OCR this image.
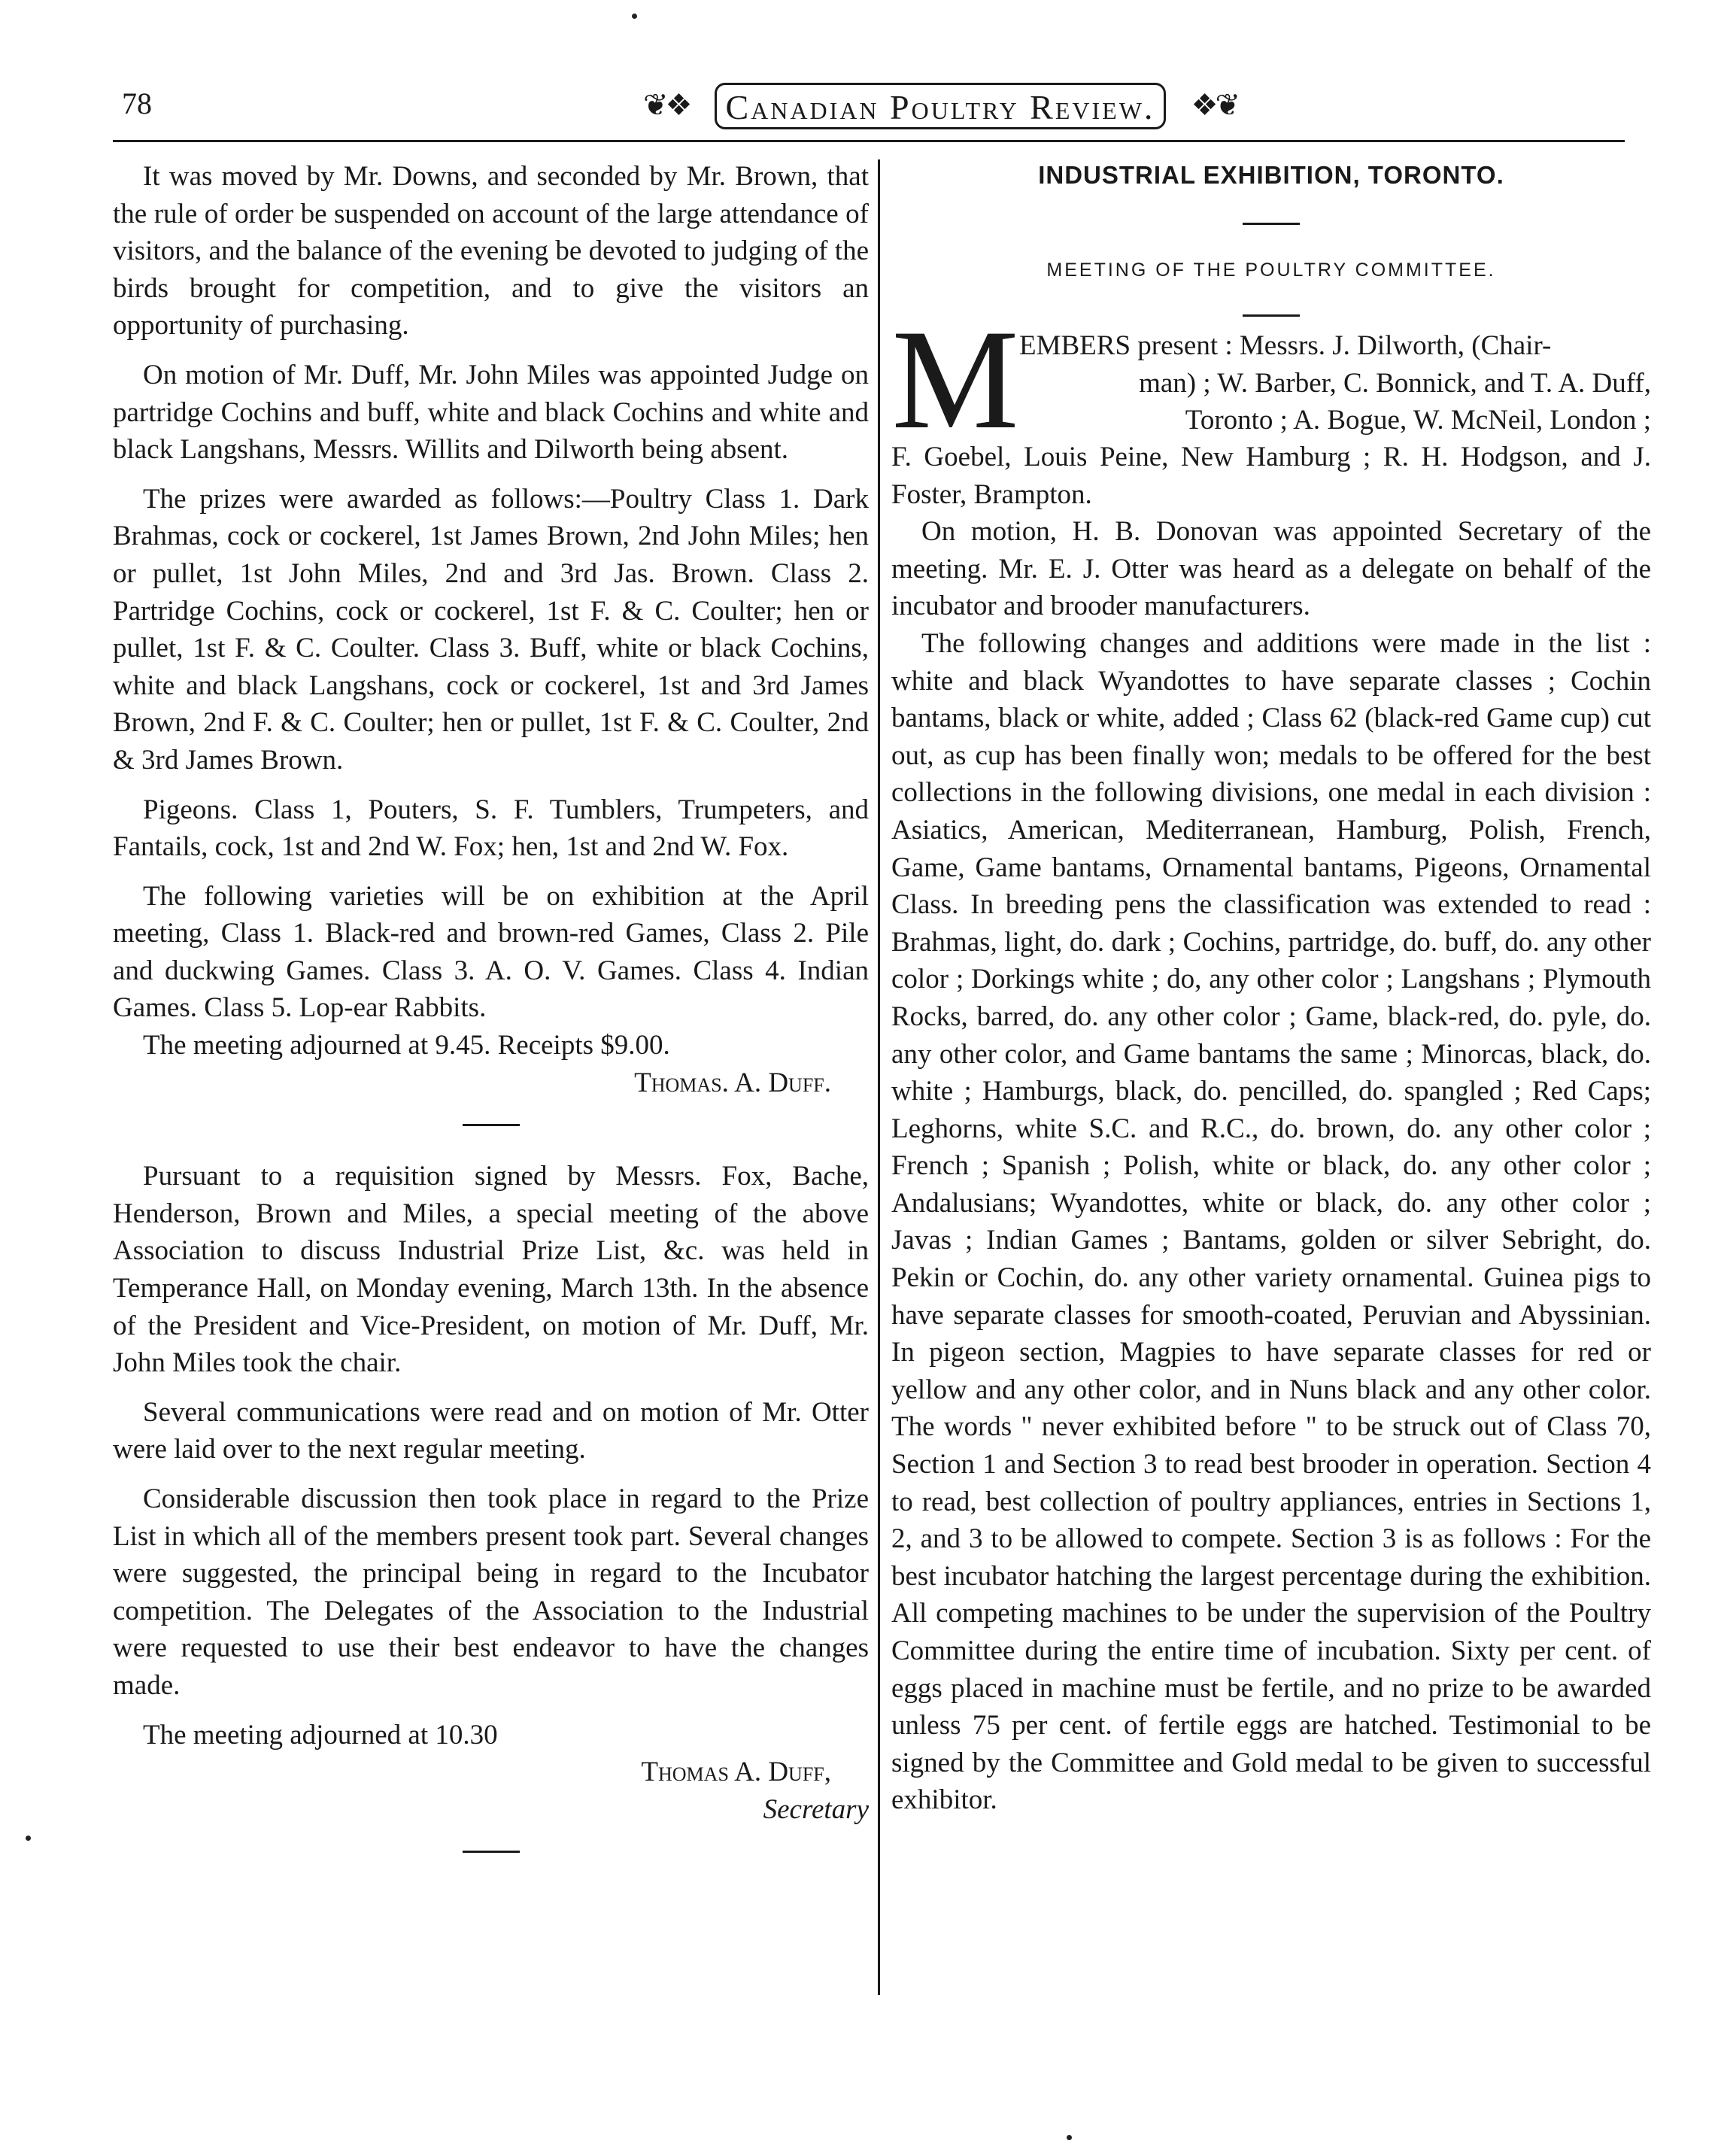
78	❦❖	Canadian Poultry Review.	❖❦

It was moved by Mr. Downs, and seconded by Mr. Brown, that the rule of order be suspended on account of the large attendance of visitors, and the balance of the evening be devoted to judging of the birds brought for competition, and to give the visitors an opportunity of purchasing.

On motion of Mr. Duff, Mr. John Miles was appointed Judge on partridge Cochins and buff, white and black Cochins and white and black Langshans, Messrs. Willits and Dilworth being absent.

The prizes were awarded as follows:—Poultry Class 1. Dark Brahmas, cock or cockerel, 1st James Brown, 2nd John Miles; hen or pullet, 1st John Miles, 2nd and 3rd Jas. Brown. Class 2. Partridge Cochins, cock or cockerel, 1st F. & C. Coulter; hen or pullet, 1st F. & C. Coulter. Class 3. Buff, white or black Cochins, white and black Langshans, cock or cockerel, 1st and 3rd James Brown, 2nd F. & C. Coulter; hen or pullet, 1st F. & C. Coulter, 2nd & 3rd James Brown.

Pigeons. Class 1, Pouters, S. F. Tumblers, Trumpeters, and Fantails, cock, 1st and 2nd W. Fox; hen, 1st and 2nd W. Fox.

The following varieties will be on exhibition at the April meeting, Class 1. Black-red and brown-red Games, Class 2. Pile and duckwing Games. Class 3. A. O. V. Games. Class 4. Indian Games. Class 5. Lop-ear Rabbits.

The meeting adjourned at 9.45. Receipts $9.00.

Thomas. A. Duff.

Pursuant to a requisition signed by Messrs. Fox, Bache, Henderson, Brown and Miles, a special meeting of the above Association to discuss Industrial Prize List, &c. was held in Temperance Hall, on Monday evening, March 13th. In the absence of the President and Vice-President, on motion of Mr. Duff, Mr. John Miles took the chair.

Several communications were read and on motion of Mr. Otter were laid over to the next regular meeting.

Considerable discussion then took place in regard to the Prize List in which all of the members present took part. Several changes were suggested, the principal being in regard to the Incubator competition. The Delegates of the Association to the Industrial were requested to use their best endeavor to have the changes made.

The meeting adjourned at 10.30

Thomas A. Duff,

Secretary

INDUSTRIAL EXHIBITION, TORONTO.
MEETING OF THE POULTRY COMMITTEE.
M EMBERS present : Messrs. J. Dilworth, (Chair-

man) ; W. Barber, C. Bonnick, and T. A. Duff,

Toronto ; A. Bogue, W. McNeil, London ;

F. Goebel, Louis Peine, New Hamburg ; R. H. Hodgson, and J. Foster, Brampton.

On motion, H. B. Donovan was appointed Secretary of the meeting. Mr. E. J. Otter was heard as a delegate on behalf of the incubator and brooder manufacturers.

The following changes and additions were made in the list : white and black Wyandottes to have separate classes ; Cochin bantams, black or white, added ; Class 62 (black-red Game cup) cut out, as cup has been finally won; medals to be offered for the best collections in the following divisions, one medal in each division : Asiatics, American, Mediterranean, Hamburg, Polish, French, Game, Game bantams, Ornamental bantams, Pigeons, Ornamental Class. In breeding pens the classification was extended to read : Brahmas, light, do. dark ; Cochins, partridge, do. buff, do. any other color ; Dorkings white ; do, any other color ; Langshans ; Plymouth Rocks, barred, do. any other color ; Game, black-red, do. pyle, do. any other color, and Game bantams the same ; Minorcas, black, do. white ; Hamburgs, black, do. pencilled, do. spangled ; Red Caps; Leghorns, white S.C. and R.C., do. brown, do. any other color ; French ; Spanish ; Polish, white or black, do. any other color ; Andalusians; Wyandottes, white or black, do. any other color ; Javas ; Indian Games ; Bantams, golden or silver Sebright, do. Pekin or Cochin, do. any other variety ornamental. Guinea pigs to have separate classes for smooth-coated, Peruvian and Abyssinian. In pigeon section, Magpies to have separate classes for red or yellow and any other color, and in Nuns black and any other color. The words " never exhibited before " to be struck out of Class 70, Section 1 and Section 3 to read best brooder in operation. Section 4 to read, best collection of poultry appliances, entries in Sections 1, 2, and 3 to be allowed to compete. Section 3 is as follows : For the best incubator hatching the largest percentage during the exhibition. All competing machines to be under the supervision of the Poultry Committee during the entire time of incubation. Sixty per cent. of eggs placed in machine must be fertile, and no prize to be awarded unless 75 per cent. of fertile eggs are hatched. Testimonial to be signed by the Committee and Gold medal to be given to successful exhibitor.
